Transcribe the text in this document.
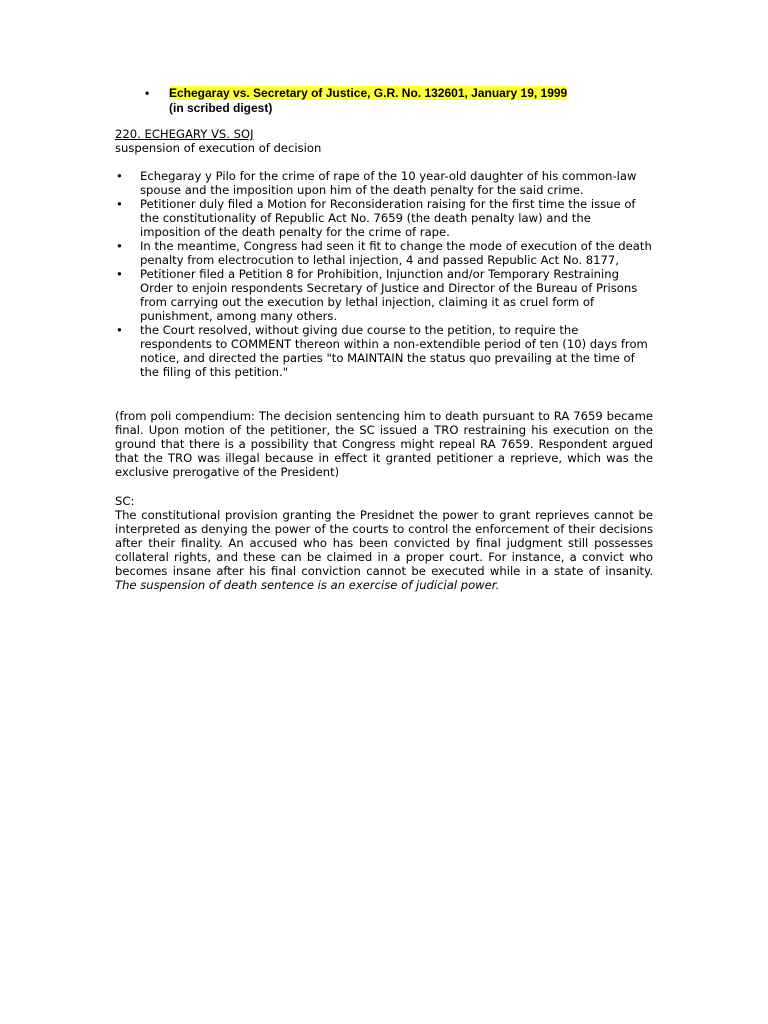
• Echegaray vs. Secretary of Justice, G.R. No. 132601, January 19, 1999
(in scribed digest)
220. ECHEGARY VS. SOJ
suspension of execution of decision
• Echegaray y Pilo for the crime of rape of the 10 year-old daughter of his common-law spouse and the imposition upon him of the death penalty for the said crime.
• Petitioner duly filed a Motion for Reconsideration raising for the first time the issue of the constitutionality of Republic Act No. 7659 (the death penalty law) and the imposition of the death penalty for the crime of rape.
• In the meantime, Congress had seen it fit to change the mode of execution of the death penalty from electrocution to lethal injection, 4 and passed Republic Act No. 8177,
• Petitioner filed a Petition 8 for Prohibition, Injunction and/or Temporary Restraining Order to enjoin respondents Secretary of Justice and Director of the Bureau of Prisons from carrying out the execution by lethal injection, claiming it as cruel form of punishment, among many others.
• the Court resolved, without giving due course to the petition, to require the respondents to COMMENT thereon within a non-extendible period of ten (10) days from notice, and directed the parties "to MAINTAIN the status quo prevailing at the time of the filing of this petition."
(from poli compendium: The decision sentencing him to death pursuant to RA 7659 became final. Upon motion of the petitioner, the SC issued a TRO restraining his execution on the ground that there is a possibility that Congress might repeal RA 7659. Respondent argued that the TRO was illegal because in effect it granted petitioner a reprieve, which was the exclusive prerogative of the President)
SC:
The constitutional provision granting the Presidnet the power to grant reprieves cannot be interpreted as denying the power of the courts to control the enforcement of their decisions after their finality. An accused who has been convicted by final judgment still possesses collateral rights, and these can be claimed in a proper court. For instance, a convict who becomes insane after his final conviction cannot be executed while in a state of insanity. The suspension of death sentence is an exercise of judicial power.
